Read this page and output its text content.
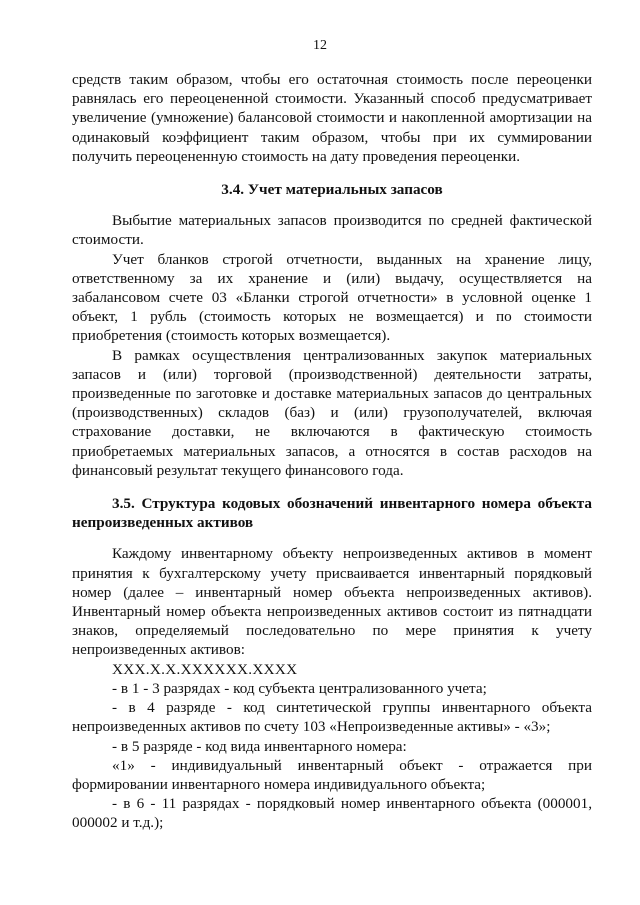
12

средств таким образом, чтобы его остаточная стоимость после переоценки равнялась его переоцененной стоимости. Указанный способ предусматривает увеличение (умножение) балансовой стоимости и накопленной амортизации на одинаковый коэффициент таким образом, чтобы при их суммировании получить переоцененную стоимость на дату проведения переоценки.

3.4. Учет материальных запасов

Выбытие материальных запасов производится по средней фактической стоимости.

Учет бланков строгой отчетности, выданных на хранение лицу, ответственному за их хранение и (или) выдачу, осуществляется на забалансовом счете 03 «Бланки строгой отчетности» в условной оценке 1 объект, 1 рубль (стоимость которых не возмещается) и по стоимости приобретения (стоимость которых возмещается).

В рамках осуществления централизованных закупок материальных запасов и (или) торговой (производственной) деятельности затраты, произведенные по заготовке и доставке материальных запасов до центральных (производственных) складов (баз) и (или) грузополучателей, включая страхование доставки, не включаются в фактическую стоимость приобретаемых материальных запасов, а относятся в состав расходов на финансовый результат текущего финансового года.

3.5. Структура кодовых обозначений инвентарного номера объекта непроизведенных активов

Каждому инвентарному объекту непроизведенных активов в момент принятия к бухгалтерскому учету присваивается инвентарный порядковый номер (далее – инвентарный номер объекта непроизведенных активов). Инвентарный номер объекта непроизведенных активов состоит из пятнадцати знаков, определяемый последовательно по мере принятия к учету непроизведенных активов:

ХХХ.Х.Х.ХХХХХХ.ХХХХ

- в 1 - 3 разрядах - код субъекта централизованного учета;

- в 4 разряде - код синтетической группы инвентарного объекта непроизведенных активов по счету 103 «Непроизведенные активы» - «3»;

- в 5 разряде - код вида инвентарного номера:

«1» - индивидуальный инвентарный объект - отражается при формировании инвентарного номера индивидуального объекта;

- в 6 - 11 разрядах - порядковый номер инвентарного объекта (000001, 000002 и т.д.);
